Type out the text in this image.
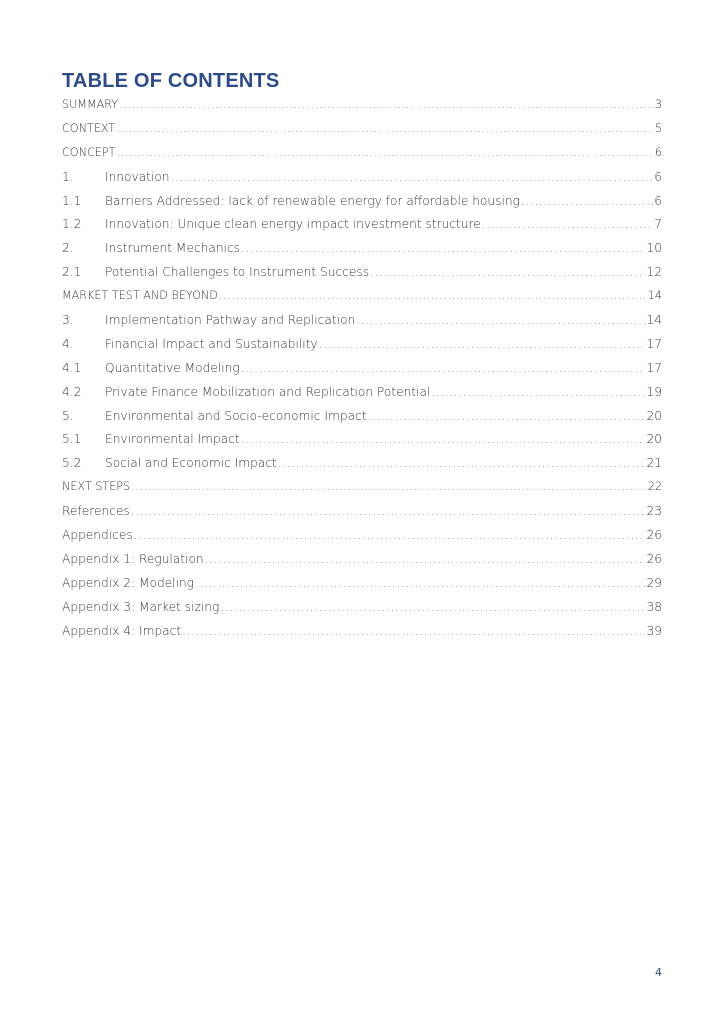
TABLE OF CONTENTS
SUMMARY .....	3
CONTEXT .....	5
CONCEPT .....	6
1.	Innovation .....	6
1.1	Barriers Addressed: lack of renewable energy for affordable housing .....	6
1.2	Innovation: Unique clean energy impact investment structure .....	7
2.	Instrument Mechanics .....	10
2.1	Potential Challenges to Instrument Success .....	12
MARKET TEST AND BEYOND .....	14
3.	Implementation Pathway and Replication .....	14
4.	Financial Impact and Sustainability .....	17
4.1	Quantitative Modeling .....	17
4.2	Private Finance Mobilization and Replication Potential .....	19
5.	Environmental and Socio-economic Impact .....	20
5.1	Environmental Impact .....	20
5.2	Social and Economic Impact .....	21
NEXT STEPS .....	22
References .....	23
Appendices .....	26
Appendix 1: Regulation .....	26
Appendix 2: Modeling .....	29
Appendix 3: Market sizing .....	38
Appendix 4: Impact .....	39
4
